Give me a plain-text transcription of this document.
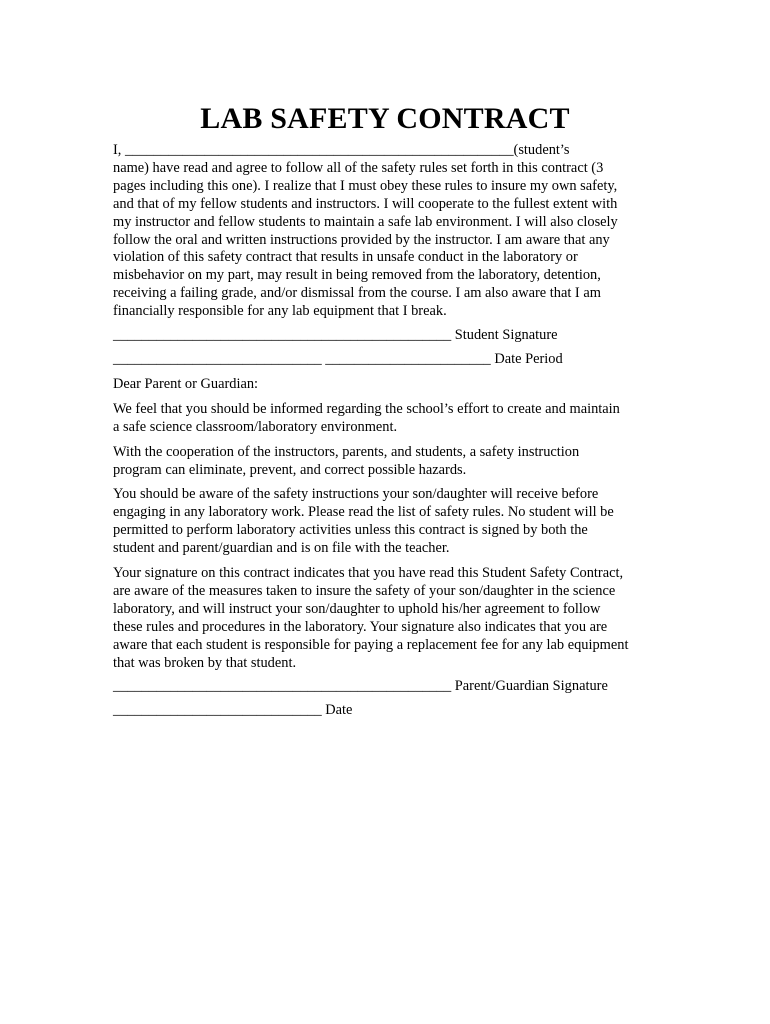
LAB SAFETY CONTRACT

I, ______________________________________________________(student’s
name) have read and agree to follow all of the safety rules set forth in this contract (3
pages including this one). I realize that I must obey these rules to insure my own safety,
and that of my fellow students and instructors. I will cooperate to the fullest extent with
my instructor and fellow students to maintain a safe lab environment. I will also closely
follow the oral and written instructions provided by the instructor. I am aware that any
violation of this safety contract that results in unsafe conduct in the laboratory or
misbehavior on my part, may result in being removed from the laboratory, detention,
receiving a failing grade, and/or dismissal from the course. I am also aware that I am
financially responsible for any lab equipment that I break.

_______________________________________________ Student Signature

_____________________________ _______________________ Date Period

Dear Parent or Guardian:

We feel that you should be informed regarding the school’s effort to create and maintain
a safe science classroom/laboratory environment.

With the cooperation of the instructors, parents, and students, a safety instruction
program can eliminate, prevent, and correct possible hazards.

You should be aware of the safety instructions your son/daughter will receive before
engaging in any laboratory work. Please read the list of safety rules. No student will be
permitted to perform laboratory activities unless this contract is signed by both the
student and parent/guardian and is on file with the teacher.

Your signature on this contract indicates that you have read this Student Safety Contract,
are aware of the measures taken to insure the safety of your son/daughter in the science
laboratory, and will instruct your son/daughter to uphold his/her agreement to follow
these rules and procedures in the laboratory. Your signature also indicates that you are
aware that each student is responsible for paying a replacement fee for any lab equipment
that was broken by that student.

_______________________________________________ Parent/Guardian Signature

_____________________________ Date
